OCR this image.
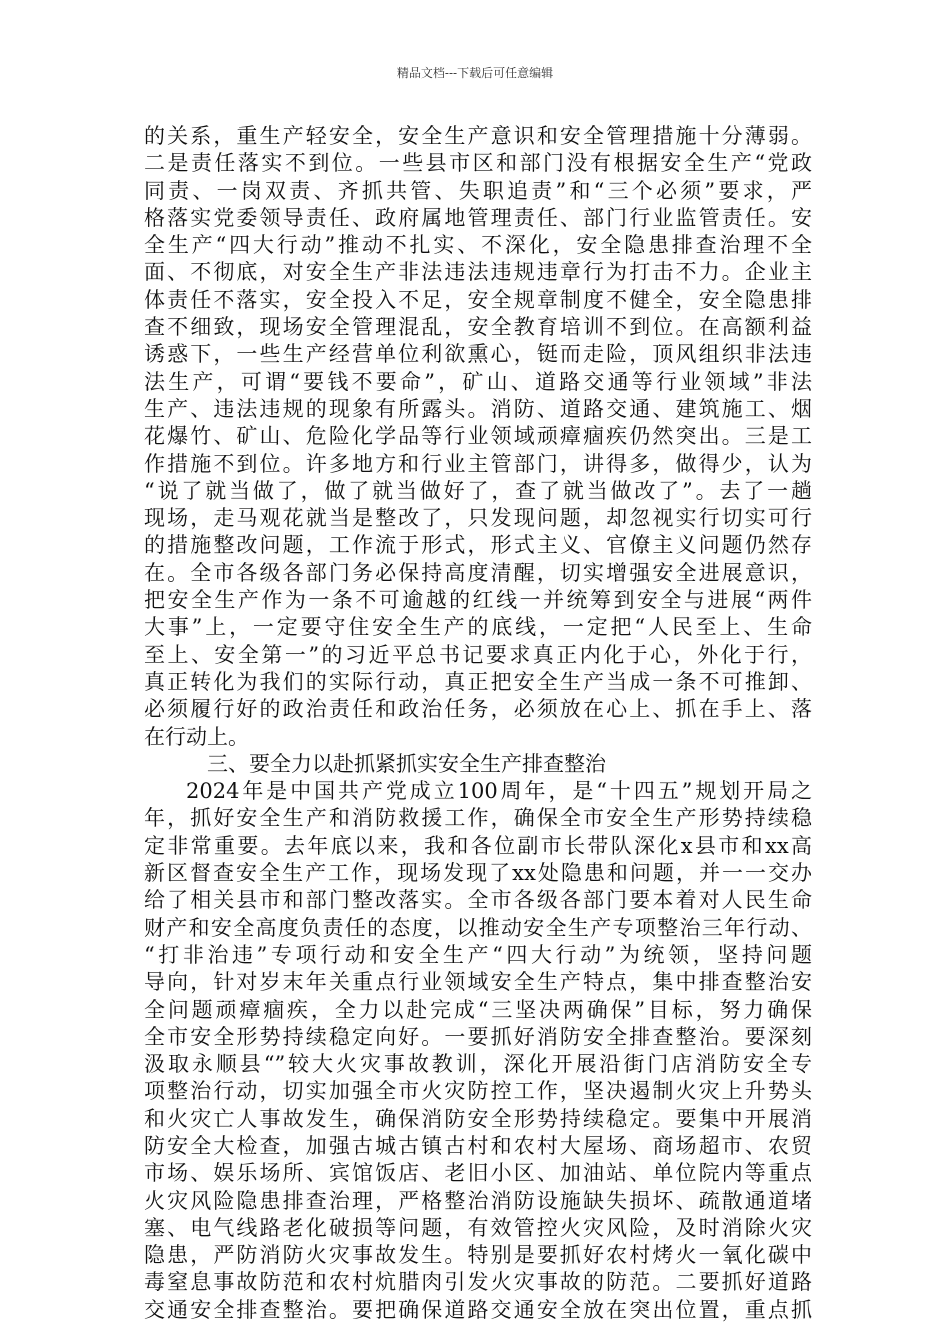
精品文档---下载后可任意编辑
的关系，重生产轻安全，安全生产意识和安全管理措施十分薄弱。
二是责任落实不到位。一些县市区和部门没有根据安全生产“党政
同责、一岗双责、齐抓共管、失职追责”和“三个必须”要求，严
格落实党委领导责任、政府属地管理责任、部门行业监管责任。安
全生产“四大行动”推动不扎实、不深化，安全隐患排查治理不全
面、不彻底，对安全生产非法违法违规违章行为打击不力。企业主
体责任不落实，安全投入不足，安全规章制度不健全，安全隐患排
查不细致，现场安全管理混乱，安全教育培训不到位。在高额利益
诱惑下，一些生产经营单位利欲熏心，铤而走险，顶风组织非法违
法生产，可谓“要钱不要命”，矿山、道路交通等行业领域”非法
生产、违法违规的现象有所露头。消防、道路交通、建筑施工、烟
花爆竹、矿山、危险化学品等行业领域顽瘴痼疾仍然突出。三是工
作措施不到位。许多地方和行业主管部门，讲得多，做得少，认为
“说了就当做了，做了就当做好了，查了就当做改了”。去了一趟
现场，走马观花就当是整改了，只发现问题，却忽视实行切实可行
的措施整改问题，工作流于形式，形式主义、官僚主义问题仍然存
在。全市各级各部门务必保持高度清醒，切实增强安全进展意识，
把安全生产作为一条不可逾越的红线一并统筹到安全与进展“两件
大事”上，一定要守住安全生产的底线，一定把“人民至上、生命
至上、安全第一”的习近平总书记要求真正内化于心，外化于行，
真正转化为我们的实际行动，真正把安全生产当成一条不可推卸、
必须履行好的政治责任和政治任务，必须放在心上、抓在手上、落
在行动上。
三、要全力以赴抓紧抓实安全生产排查整治
2024年是中国共产党成立100周年，是“十四五”规划开局之
年，抓好安全生产和消防救援工作，确保全市安全生产形势持续稳
定非常重要。去年底以来，我和各位副市长带队深化x县市和xx高
新区督查安全生产工作，现场发现了xx处隐患和问题，并一一交办
给了相关县市和部门整改落实。全市各级各部门要本着对人民生命
财产和安全高度负责任的态度，以推动安全生产专项整治三年行动、
“打非治违”专项行动和安全生产“四大行动”为统领，坚持问题
导向，针对岁末年关重点行业领域安全生产特点，集中排查整治安
全问题顽瘴痼疾，全力以赴完成“三坚决两确保”目标，努力确保
全市安全形势持续稳定向好。一要抓好消防安全排查整治。要深刻
汲取永顺县“”较大火灾事故教训，深化开展沿街门店消防安全专
项整治行动，切实加强全市火灾防控工作，坚决遏制火灾上升势头
和火灾亡人事故发生，确保消防安全形势持续稳定。要集中开展消
防安全大检查，加强古城古镇古村和农村大屋场、商场超市、农贸
市场、娱乐场所、宾馆饭店、老旧小区、加油站、单位院内等重点
火灾风险隐患排查治理，严格整治消防设施缺失损坏、疏散通道堵
塞、电气线路老化破损等问题，有效管控火灾风险，及时消除火灾
隐患，严防消防火灾事故发生。特别是要抓好农村烤火一氧化碳中
毒窒息事故防范和农村炕腊肉引发火灾事故的防范。二要抓好道路
交通安全排查整治。要把确保道路交通安全放在突出位置，重点抓
